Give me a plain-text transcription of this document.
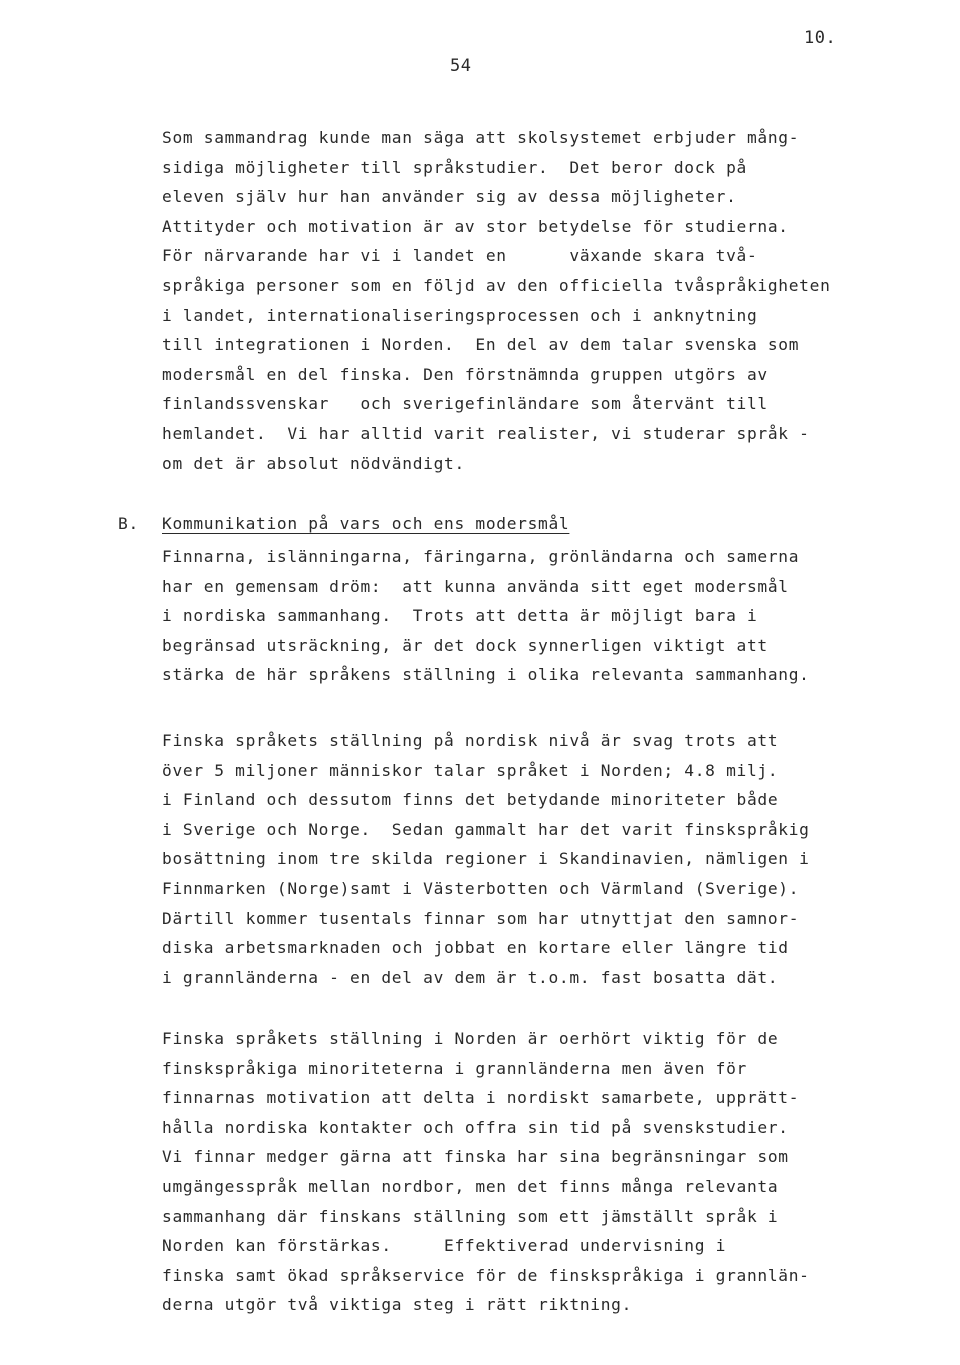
10.
54
Som sammandrag kunde man säga att skolsystemet erbjuder mång-
sidiga möjligheter till språkstudier.  Det beror dock på
eleven själv hur han använder sig av dessa möjligheter.
Attityder och motivation är av stor betydelse för studierna.
För närvarande har vi i landet en      växande skara två-
språkiga personer som en följd av den officiella tvåspråkigheten
i landet, internationaliseringsprocessen och i anknytning
till integrationen i Norden.  En del av dem talar svenska som
modersmål en del finska. Den förstnämnda gruppen utgörs av
finlandssvenskar   och sverigefinländare som återvänt till
hemlandet.  Vi har alltid varit realister, vi studerar språk -
om det är absolut nödvändigt.
B. Kommunikation på vars och ens modersmål
Finnarna, islänningarna, färingarna, grönländarna och samerna
har en gemensam dröm:  att kunna använda sitt eget modersmål
i nordiska sammanhang.  Trots att detta är möjligt bara i
begränsad utsräckning, är det dock synnerligen viktigt att
stärka de här språkens ställning i olika relevanta sammanhang.
Finska språkets ställning på nordisk nivå är svag trots att
över 5 miljoner människor talar språket i Norden; 4.8 milj.
i Finland och dessutom finns det betydande minoriteter både
i Sverige och Norge.  Sedan gammalt har det varit finskspråkig
bosättning inom tre skilda regioner i Skandinavien, nämligen i
Finnmarken (Norge)samt i Västerbotten och Värmland (Sverige).
Därtill kommer tusentals finnar som har utnyttjat den samnor-
diska arbetsmarknaden och jobbat en kortare eller längre tid
i grannländerna - en del av dem är t.o.m. fast bosatta dät.
Finska språkets ställning i Norden är oerhört viktig för de
finskspråkiga minoriteterna i grannländerna men även för
finnarnas motivation att delta i nordiskt samarbete, upprätt-
hålla nordiska kontakter och offra sin tid på svenskstudier.
Vi finnar medger gärna att finska har sina begränsningar som
umgängesspråk mellan nordbor, men det finns många relevanta
sammanhang där finskans ställning som ett jämställt språk i
Norden kan förstärkas.     Effektiverad undervisning i
finska samt ökad språkservice för de finskspråkiga i grannlän-
derna utgör två viktiga steg i rätt riktning.
